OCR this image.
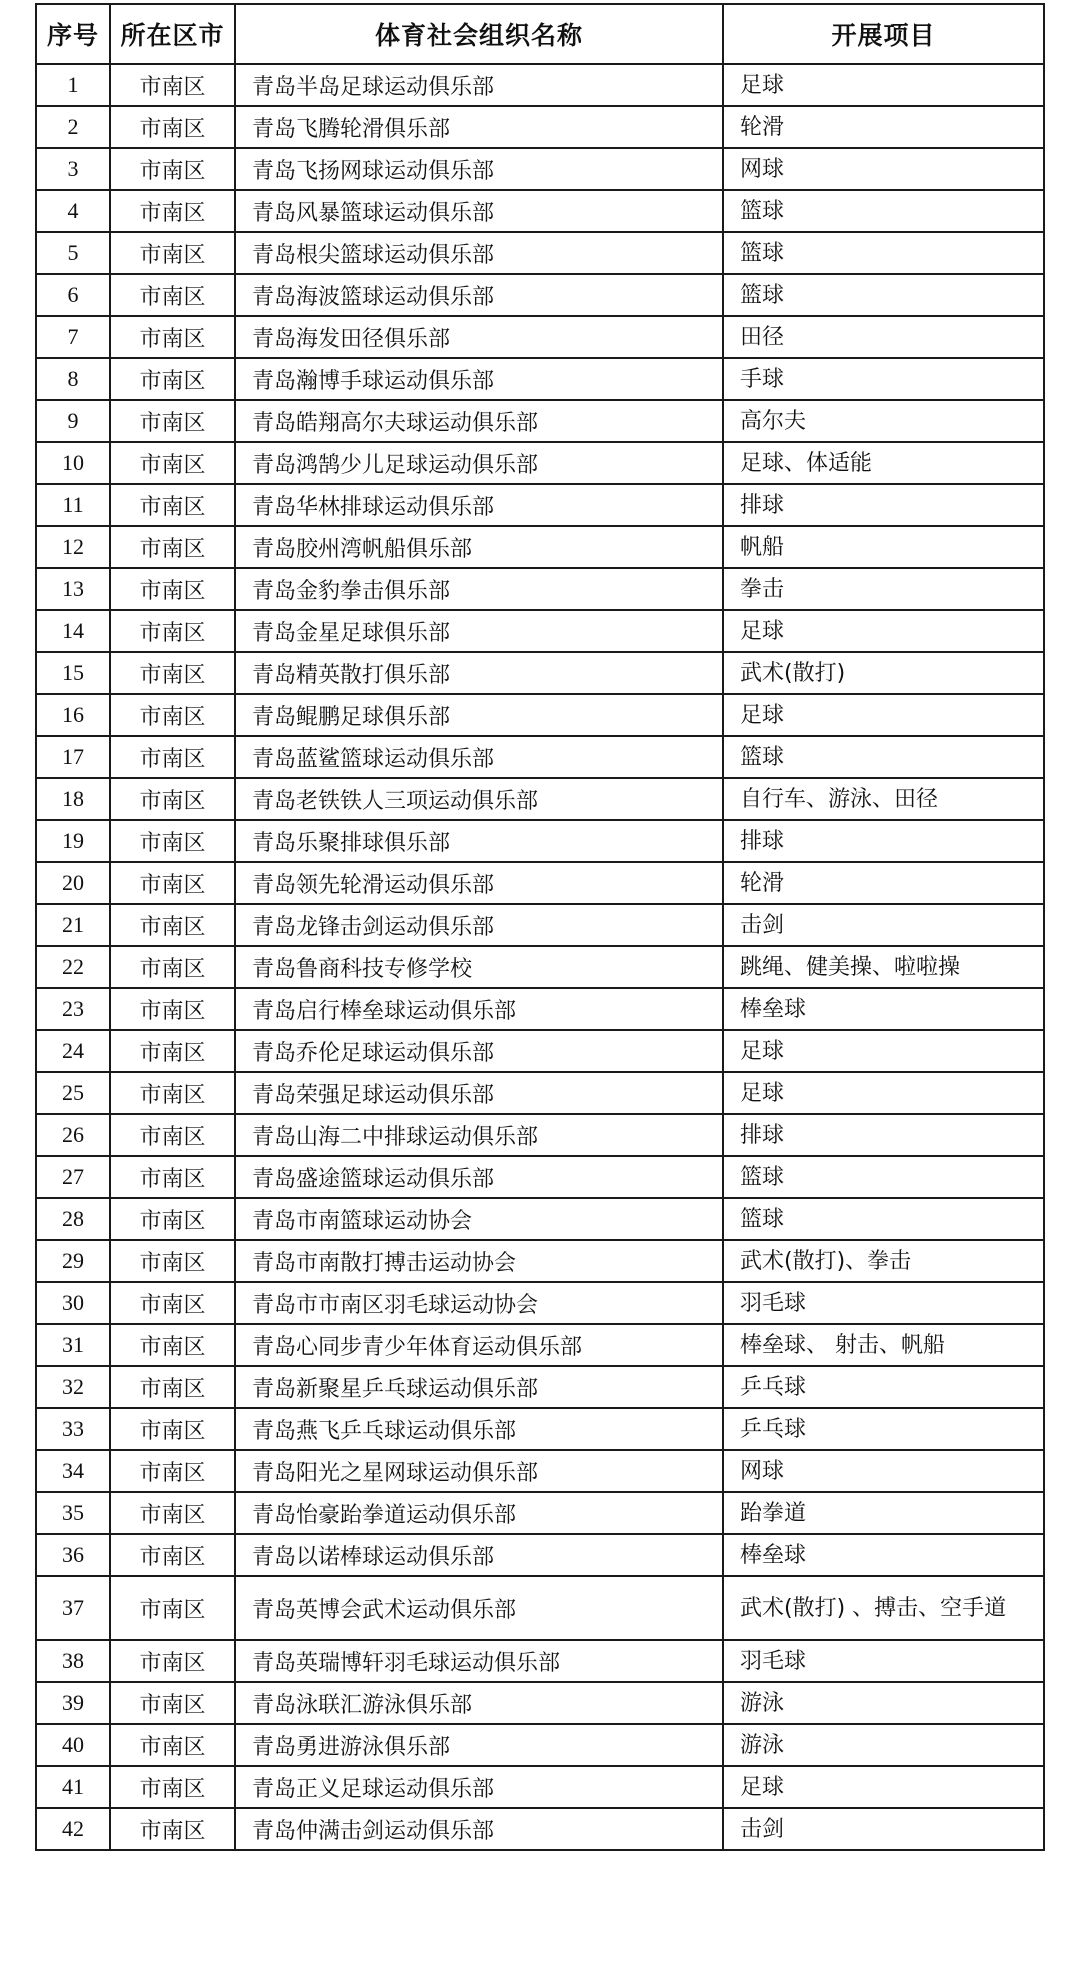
序号	所在区市	体育社会组织名称	开展项目
1	市南区	青岛半岛足球运动俱乐部	足球
2	市南区	青岛飞腾轮滑俱乐部	轮滑
3	市南区	青岛飞扬网球运动俱乐部	网球
4	市南区	青岛风暴篮球运动俱乐部	篮球
5	市南区	青岛根尖篮球运动俱乐部	篮球
6	市南区	青岛海波篮球运动俱乐部	篮球
7	市南区	青岛海发田径俱乐部	田径
8	市南区	青岛瀚博手球运动俱乐部	手球
9	市南区	青岛皓翔高尔夫球运动俱乐部	高尔夫
10	市南区	青岛鸿鹄少儿足球运动俱乐部	足球、体适能
11	市南区	青岛华林排球运动俱乐部	排球
12	市南区	青岛胶州湾帆船俱乐部	帆船
13	市南区	青岛金豹拳击俱乐部	拳击
14	市南区	青岛金星足球俱乐部	足球
15	市南区	青岛精英散打俱乐部	武术(散打)
16	市南区	青岛鲲鹏足球俱乐部	足球
17	市南区	青岛蓝鲨篮球运动俱乐部	篮球
18	市南区	青岛老铁铁人三项运动俱乐部	自行车、游泳、田径
19	市南区	青岛乐聚排球俱乐部	排球
20	市南区	青岛领先轮滑运动俱乐部	轮滑
21	市南区	青岛龙锋击剑运动俱乐部	击剑
22	市南区	青岛鲁商科技专修学校	跳绳、健美操、啦啦操
23	市南区	青岛启行棒垒球运动俱乐部	棒垒球
24	市南区	青岛乔伦足球运动俱乐部	足球
25	市南区	青岛荣强足球运动俱乐部	足球
26	市南区	青岛山海二中排球运动俱乐部	排球
27	市南区	青岛盛途篮球运动俱乐部	篮球
28	市南区	青岛市南篮球运动协会	篮球
29	市南区	青岛市南散打搏击运动协会	武术(散打)、拳击
30	市南区	青岛市市南区羽毛球运动协会	羽毛球
31	市南区	青岛心同步青少年体育运动俱乐部	棒垒球、 射击、帆船
32	市南区	青岛新聚星乒乓球运动俱乐部	乒乓球
33	市南区	青岛燕飞乒乓球运动俱乐部	乒乓球
34	市南区	青岛阳光之星网球运动俱乐部	网球
35	市南区	青岛怡豪跆拳道运动俱乐部	跆拳道
36	市南区	青岛以诺棒球运动俱乐部	棒垒球
37	市南区	青岛英博会武术运动俱乐部	武术(散打) 、搏击、空手道
38	市南区	青岛英瑞博轩羽毛球运动俱乐部	羽毛球
39	市南区	青岛泳联汇游泳俱乐部	游泳
40	市南区	青岛勇进游泳俱乐部	游泳
41	市南区	青岛正义足球运动俱乐部	足球
42	市南区	青岛仲满击剑运动俱乐部	击剑
